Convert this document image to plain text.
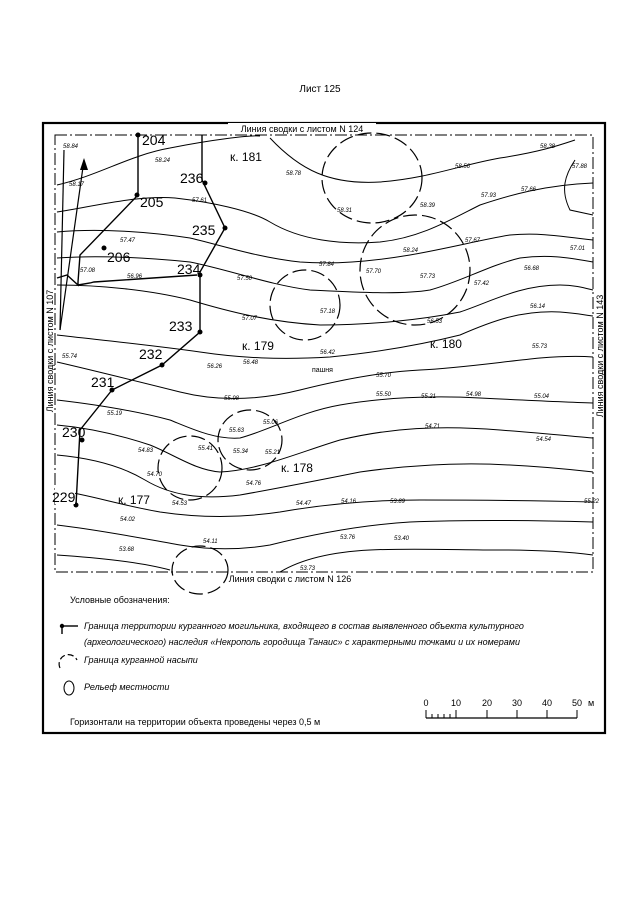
Лист 125
Линия сводки с листом N 124
Линия сводки с листом N 126
Линия сводки с листом N 107	Линия сводки с листом N 143
204
205
206
236
235
234
233
232
231
230
229
к. 181
к. 180
к. 179
к. 178
к. 177
пашня
58.84
58.24
58.17
58.78
58.56
58.38
57.88
57.61
58.31
58.39
57.93
57.66
57.47
58.24
57.67
57.01
57.08
56.96
57.84
57.70
57.73
56.68
57.50
57.42
57.18
56.14
57.07	56.53
55.73
56.48
56.42
55.74
56.26
55.70
55.98
55.50	55.21	54.98	55.04
55.19
55.06
55.63
54.71
54.54
55.41	55.34	55.21
54.83
54.70
54.76
54.47	54.16	53.89
54.53	55.22
54.02
53.76	53.40
54.11
53.68
53.73
Условные обозначения:
Граница территории курганного могильника, входящего в состав выявленного объекта культурного
(археологического) наследия «Некрополь городища Танаис» с характерными точками и их номерами
Граница курганной насыпи
Рельеф местности
Горизонтали на территории объекта проведены через 0,5 м
0 10 20 30 40 50 м
